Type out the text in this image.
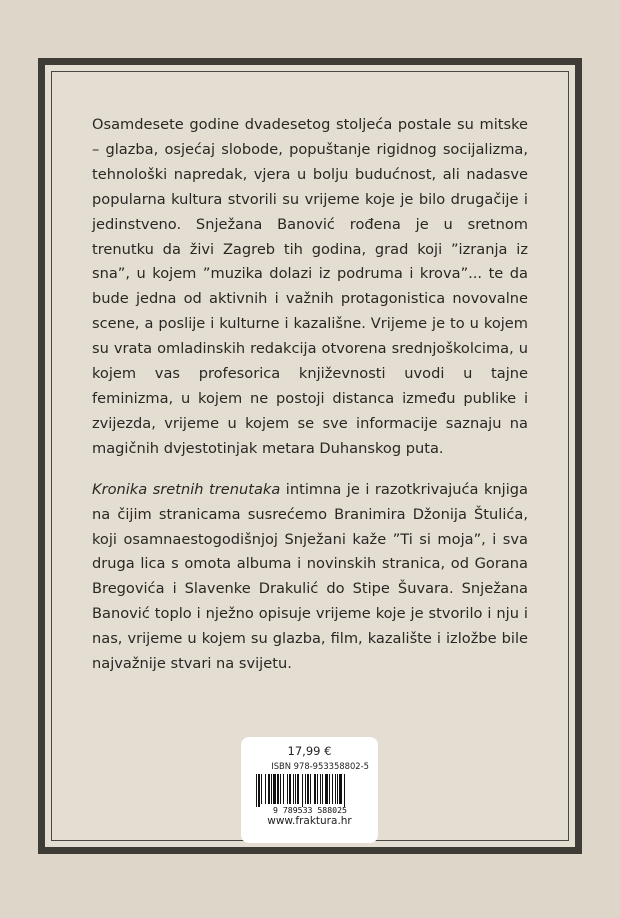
Osamdesete godine dvadesetog stoljeća postale su mitske – glazba, osjećaj slobode, popuštanje rigidnog socijalizma, tehnološki napredak, vjera u bolju budućnost, ali nadasve popularna kultura stvorili su vrijeme koje je bilo drugačije i jedinstveno. Snježana Banović rođena je u sretnom trenutku da živi Zagreb tih godina, grad koji ”izranja iz sna”, u kojem ”muzika dolazi iz podruma i krova”... te da bude jedna od aktivnih i važnih protagonistica novovalne scene, a poslije i kulturne i kazališne. Vrijeme je to u kojem su vrata omladinskih redakcija otvorena srednjoškolcima, u kojem vas profesorica književnosti uvodi u tajne feminizma, u kojem ne postoji distanca između publike i zvijezda, vrijeme u kojem se sve informacije saznaju na magičnih dvjestotinjak metara Duhanskog puta.

Kronika sretnih trenutaka intimna je i razotkrivajuća knjiga na čijim stranicama susrećemo Branimira Džonija Štulića, koji osamnaestogodišnjoj Snježani kaže ”Ti si moja”, i sva druga lica s omota albuma i novinskih stranica, od Gorana Bregovića i Slavenke Drakulić do Stipe Šuvara. Snježana Banović toplo i nježno opisuje vrijeme koje je stvorilo i nju i nas, vrijeme u kojem su glazba, film, kazalište i izložbe bile najvažnije stvari na svijetu.

17,99 €
ISBN 978-953358802-5
9 789533 588025
www.fraktura.hr
